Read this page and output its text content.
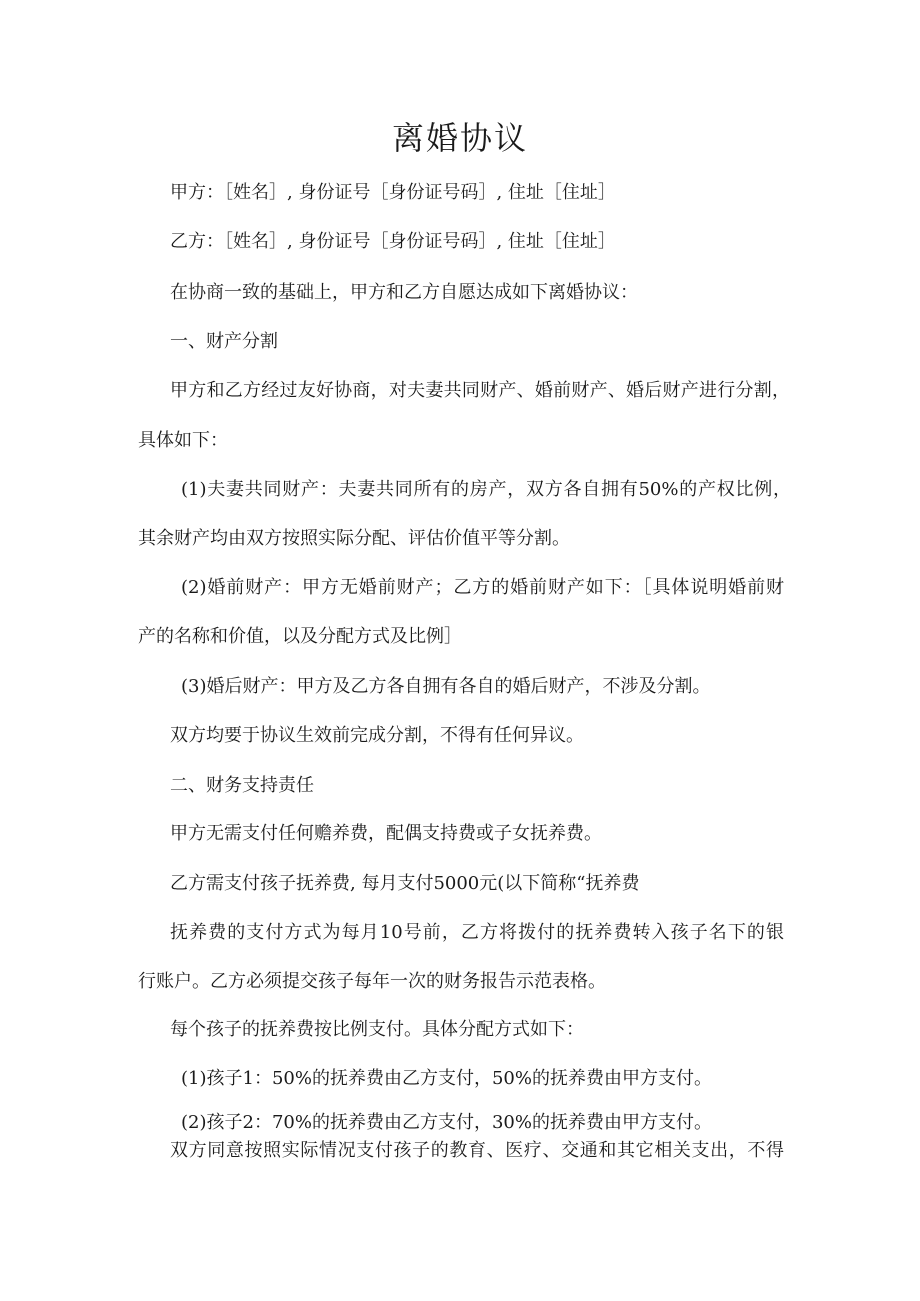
离婚协议
甲方：［姓名］, 身份证号［身份证号码］, 住址［住址］
乙方：［姓名］, 身份证号［身份证号码］, 住址［住址］
在协商一致的基础上，甲方和乙方自愿达成如下离婚协议：
一、财产分割
甲方和乙方经过友好协商，对夫妻共同财产、婚前财产、婚后财产进行分割，
具体如下：
(1)夫妻共同财产：夫妻共同所有的房产，双方各自拥有50%的产权比例，
其余财产均由双方按照实际分配、评估价值平等分割。
(2)婚前财产：甲方无婚前财产；乙方的婚前财产如下：［具体说明婚前财
产的名称和价值，以及分配方式及比例］
(3)婚后财产：甲方及乙方各自拥有各自的婚后财产，不涉及分割。
双方均要于协议生效前完成分割，不得有任何异议。
二、财务支持责任
甲方无需支付任何赡养费，配偶支持费或子女抚养费。
乙方需支付孩子抚养费, 每月支付5000元(以下简称“抚养费
抚养费的支付方式为每月10号前，乙方将拨付的抚养费转入孩子名下的银
行账户。乙方必须提交孩子每年一次的财务报告示范表格。
每个孩子的抚养费按比例支付。具体分配方式如下：
(1)孩子1：50%的抚养费由乙方支付，50%的抚养费由甲方支付。
(2)孩子2：70%的抚养费由乙方支付，30%的抚养费由甲方支付。
双方同意按照实际情况支付孩子的教育、医疗、交通和其它相关支出，不得
